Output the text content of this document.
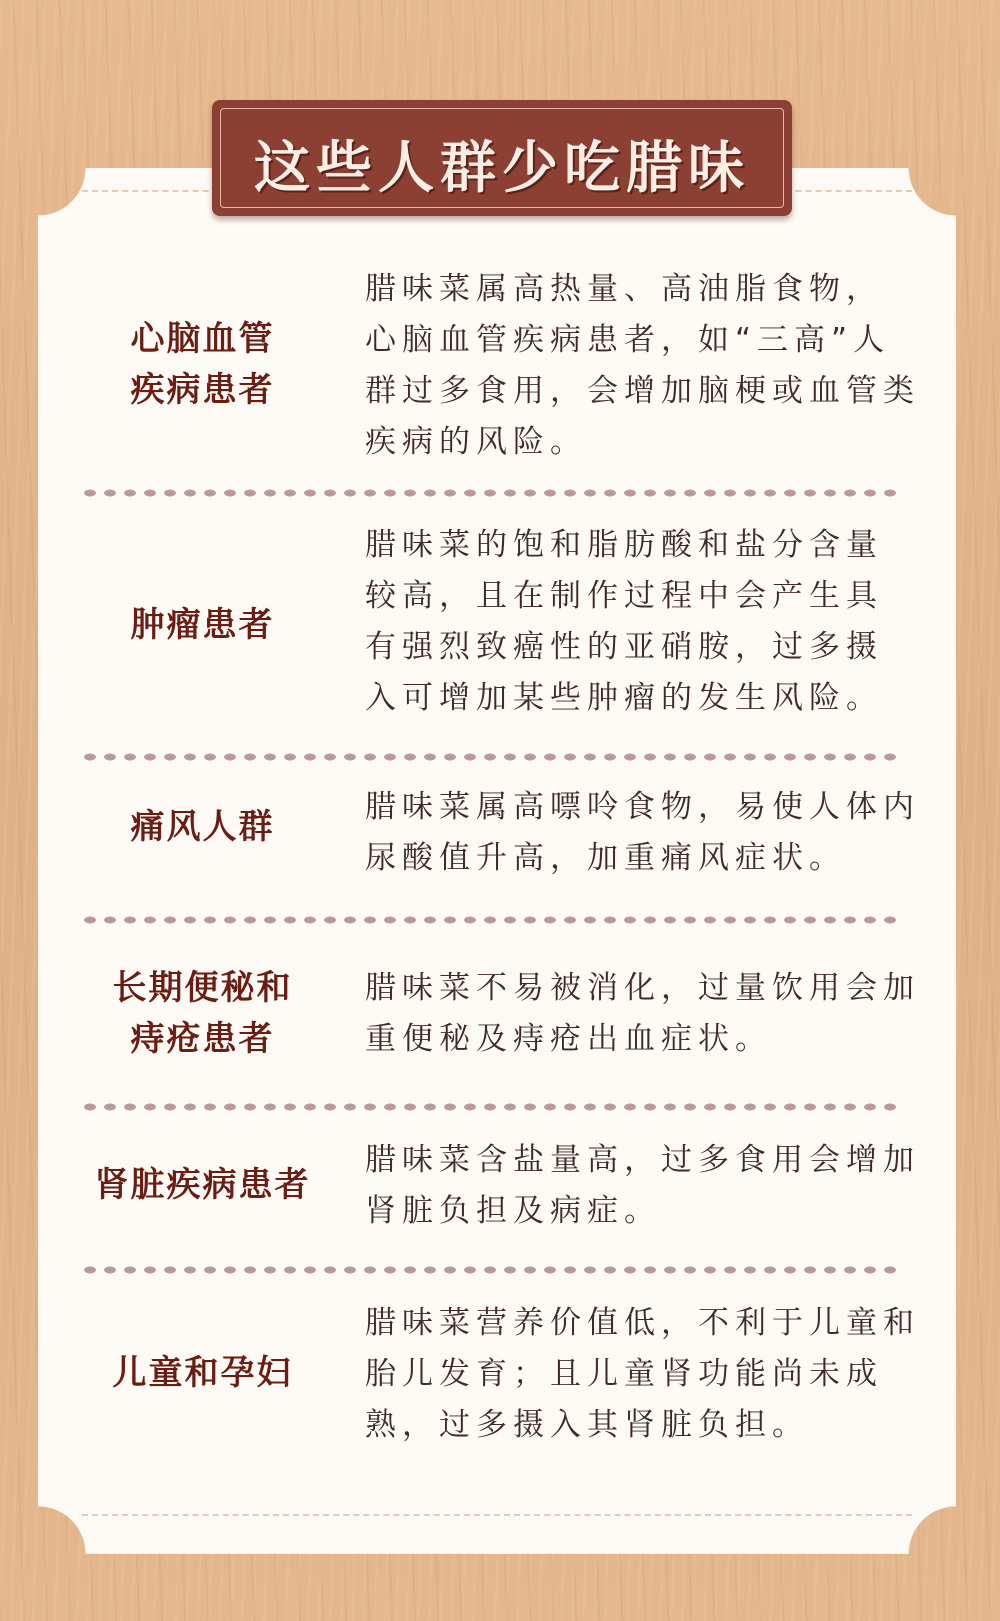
这些人群少吃腊味
心脑血管
疾病患者
腊味菜属高热量、高油脂食物，
心脑血管疾病患者，如“三高”人
群过多食用，会增加脑梗或血管类
疾病的风险。
肿瘤患者
腊味菜的饱和脂肪酸和盐分含量
较高，且在制作过程中会产生具
有强烈致癌性的亚硝胺，过多摄
入可增加某些肿瘤的发生风险。
痛风人群	腊味菜属高嘌呤食物，易使人体内
尿酸值升高，加重痛风症状。
长期便秘和
痔疮患者
腊味菜不易被消化，过量饮用会加
重便秘及痔疮出血症状。
肾脏疾病患者
腊味菜含盐量高，过多食用会增加
肾脏负担及病症。
儿童和孕妇
腊味菜营养价值低，不利于儿童和
胎儿发育；且儿童肾功能尚未成
熟，过多摄入其肾脏负担。
